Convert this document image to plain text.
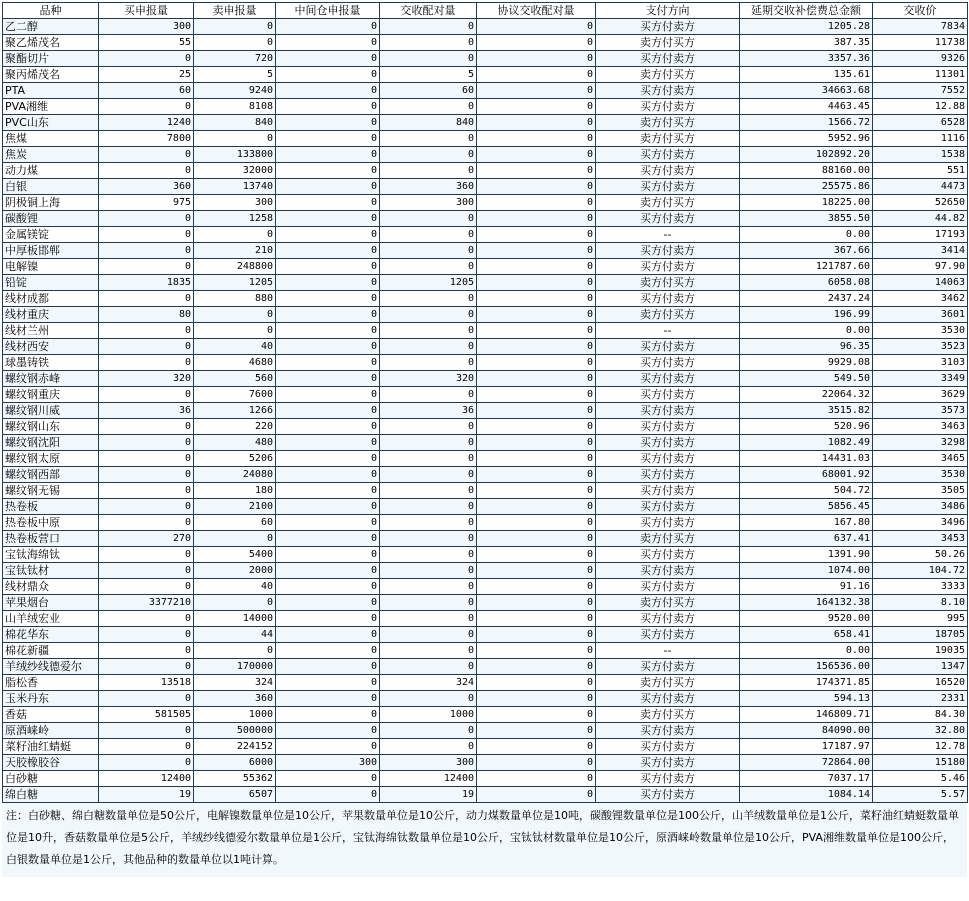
品种	买申报量	卖申报量	中间仓申报量	交收配对量	协议交收配对量	支付方向	延期交收补偿费总金额	交收价
乙二醇	300	0	0	0	0	买方付卖方	1205.28	7834
聚乙烯茂名	55	0	0	0	0	卖方付买方	387.35	11738
聚酯切片	0	720	0	0	0	买方付卖方	3357.36	9326
聚丙烯茂名	25	5	0	5	0	卖方付买方	135.61	11301
PTA	60	9240	0	60	0	买方付卖方	34663.68	7552
PVA湘维	0	8108	0	0	0	买方付卖方	4463.45	12.88
PVC山东	1240	840	0	840	0	卖方付买方	1566.72	6528
焦煤	7800	0	0	0	0	卖方付买方	5952.96	1116
焦炭	0	133800	0	0	0	买方付卖方	102892.20	1538
动力煤	0	32000	0	0	0	买方付卖方	88160.00	551
白银	360	13740	0	360	0	买方付卖方	25575.86	4473
阴极铜上海	975	300	0	300	0	卖方付买方	18225.00	52650
碳酸锂	0	1258	0	0	0	买方付卖方	3855.50	44.82
金属镁锭	0	0	0	0	0	--	0.00	17193
中厚板邯郸	0	210	0	0	0	买方付卖方	367.66	3414
电解镍	0	248800	0	0	0	买方付卖方	121787.60	97.90
铅锭	1835	1205	0	1205	0	卖方付买方	6058.08	14063
线材成都	0	880	0	0	0	买方付卖方	2437.24	3462
线材重庆	80	0	0	0	0	卖方付买方	196.99	3601
线材兰州	0	0	0	0	0	--	0.00	3530
线材西安	0	40	0	0	0	买方付卖方	96.35	3523
球墨铸铁	0	4680	0	0	0	买方付卖方	9929.08	3103
螺纹钢赤峰	320	560	0	320	0	买方付卖方	549.50	3349
螺纹钢重庆	0	7600	0	0	0	买方付卖方	22064.32	3629
螺纹钢川威	36	1266	0	36	0	买方付卖方	3515.82	3573
螺纹钢山东	0	220	0	0	0	买方付卖方	520.96	3463
螺纹钢沈阳	0	480	0	0	0	买方付卖方	1082.49	3298
螺纹钢太原	0	5206	0	0	0	买方付卖方	14431.03	3465
螺纹钢西部	0	24080	0	0	0	买方付卖方	68001.92	3530
螺纹钢无锡	0	180	0	0	0	买方付卖方	504.72	3505
热卷板	0	2100	0	0	0	买方付卖方	5856.45	3486
热卷板中原	0	60	0	0	0	买方付卖方	167.80	3496
热卷板营口	270	0	0	0	0	卖方付买方	637.41	3453
宝钛海绵钛	0	5400	0	0	0	买方付卖方	1391.90	50.26
宝钛钛材	0	2000	0	0	0	买方付卖方	1074.00	104.72
线材鼎众	0	40	0	0	0	买方付卖方	91.16	3333
苹果烟台	3377210	0	0	0	0	卖方付买方	164132.38	8.10
山羊绒宏业	0	14000	0	0	0	买方付卖方	9520.00	995
棉花华东	0	44	0	0	0	买方付卖方	658.41	18705
棉花新疆	0	0	0	0	0	--	0.00	19035
羊绒纱线德爱尔	0	170000	0	0	0	买方付卖方	156536.00	1347
脂松香	13518	324	0	324	0	卖方付买方	174371.85	16520
玉米丹东	0	360	0	0	0	买方付卖方	594.13	2331
香菇	581505	1000	0	1000	0	卖方付买方	146809.71	84.30
原酒崃岭	0	500000	0	0	0	买方付卖方	84090.00	32.80
菜籽油红蜻蜓	0	224152	0	0	0	买方付卖方	17187.97	12.78
天胶橡胶谷	0	6000	300	300	0	买方付卖方	72864.00	15180
白砂糖	12400	55362	0	12400	0	买方付卖方	7037.17	5.46
绵白糖	19	6507	0	19	0	买方付卖方	1084.14	5.57
注：白砂糖、绵白糖数量单位是50公斤，电解镍数量单位是10公斤，苹果数量单位是10公斤，动力煤数量单位是10吨，碳酸锂数量单位是100公斤，山羊绒数量单位是1公斤，菜籽油红蜻蜓数量单位是10升，香菇数量单位是5公斤，羊绒纱线德爱尔数量单位是1公斤，宝钛海绵钛数量单位是10公斤，宝钛钛材数量单位是10公斤，原酒崃岭数量单位是10公斤，PVA湘维数量单位是100公斤，白银数量单位是1公斤，其他品种的数量单位以1吨计算。
